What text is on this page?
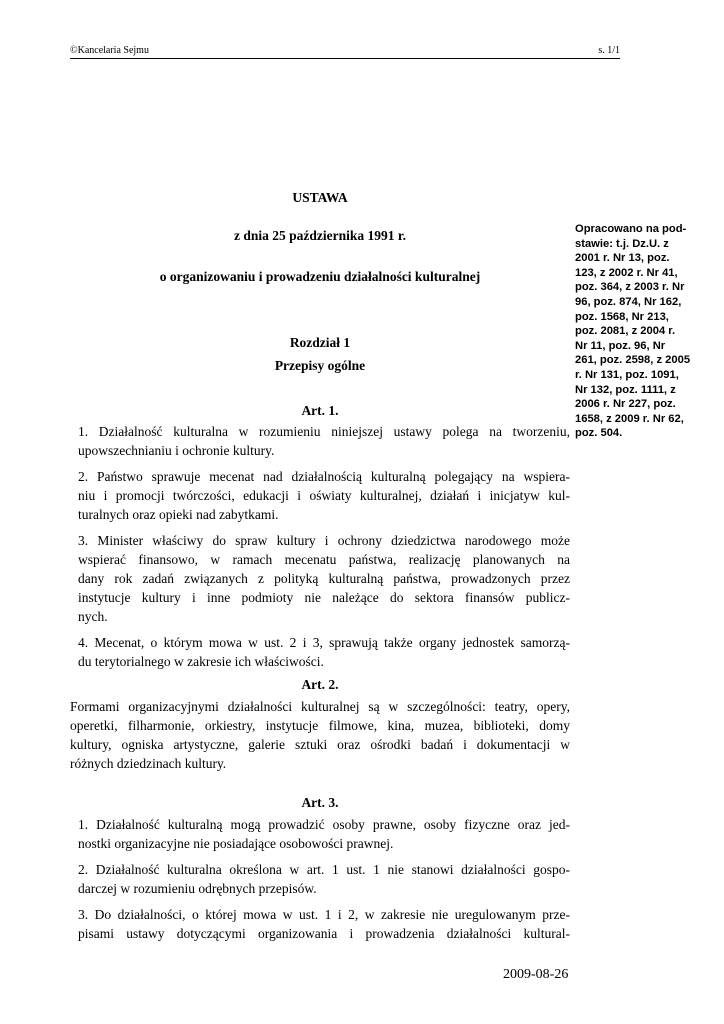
©Kancelaria Sejmu	s. 1/1
USTAWA
z dnia 25 października 1991 r.
o organizowaniu i prowadzeniu działalności kulturalnej
Rozdział 1
Przepisy ogólne
Opracowano na pod-
stawie: t.j. Dz.U. z
2001 r. Nr 13, poz.
123, z 2002 r. Nr 41,
poz. 364, z 2003 r. Nr
96, poz. 874, Nr 162,
poz. 1568, Nr 213,
poz. 2081, z 2004 r.
Nr 11, poz. 96, Nr
261, poz. 2598, z 2005
r. Nr 131, poz. 1091,
Nr 132, poz. 1111, z
2006 r. Nr 227, poz.
1658, z 2009 r. Nr 62,
poz. 504.
Art. 1.
1. Działalność kulturalna w rozumieniu niniejszej ustawy polega na tworzeniu,
upowszechnianiu i ochronie kultury.
2. Państwo sprawuje mecenat nad działalnością kulturalną polegający na wspiera-
niu i promocji twórczości, edukacji i oświaty kulturalnej, działań i inicjatyw kul-
turalnych oraz opieki nad zabytkami.
3. Minister właściwy do spraw kultury i ochrony dziedzictwa narodowego może
wspierać finansowo, w ramach mecenatu państwa, realizację planowanych na
dany rok zadań związanych z polityką kulturalną państwa, prowadzonych przez
instytucje kultury i inne podmioty nie należące do sektora finansów publicz-
nych.
4. Mecenat, o którym mowa w ust. 2 i 3, sprawują także organy jednostek samorzą-
du terytorialnego w zakresie ich właściwości.
Art. 2.
Formami organizacyjnymi działalności kulturalnej są w szczególności: teatry, opery,
operetki, filharmonie, orkiestry, instytucje filmowe, kina, muzea, biblioteki, domy
kultury, ogniska artystyczne, galerie sztuki oraz ośrodki badań i dokumentacji w
różnych dziedzinach kultury.
Art. 3.
1. Działalność kulturalną mogą prowadzić osoby prawne, osoby fizyczne oraz jed-
nostki organizacyjne nie posiadające osobowości prawnej.
2. Działalność kulturalna określona w art. 1 ust. 1 nie stanowi działalności gospo-
darczej w rozumieniu odrębnych przepisów.
3. Do działalności, o której mowa w ust. 1 i 2, w zakresie nie uregulowanym prze-
pisami ustawy dotyczącymi organizowania i prowadzenia działalności kultural-
2009-08-26
